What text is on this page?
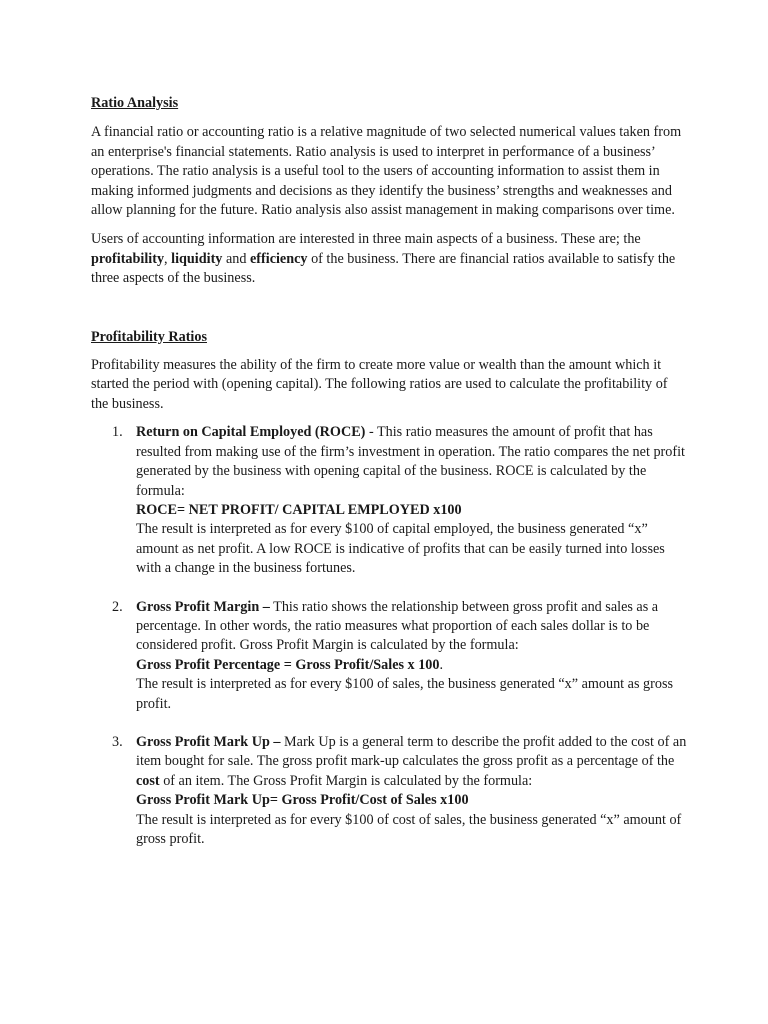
Ratio Analysis

A financial ratio or accounting ratio is a relative magnitude of two selected numerical values taken from an enterprise's financial statements. Ratio analysis is used to interpret in performance of a business’ operations. The ratio analysis is a useful tool to the users of accounting information to assist them in making informed judgments and decisions as they identify the business’ strengths and weaknesses and allow planning for the future. Ratio analysis also assist management in making comparisons over time.

Users of accounting information are interested in three main aspects of a business. These are; the profitability, liquidity and efficiency of the business. There are financial ratios available to satisfy the three aspects of the business.

Profitability Ratios

Profitability measures the ability of the firm to create more value or wealth than the amount which it started the period with (opening capital). The following ratios are used to calculate the profitability of the business.

1. Return on Capital Employed (ROCE) - This ratio measures the amount of profit that has resulted from making use of the firm’s investment in operation. The ratio compares the net profit generated by the business with opening capital of the business. ROCE is calculated by the formula:
ROCE= NET PROFIT/ CAPITAL EMPLOYED x100
The result is interpreted as for every $100 of capital employed, the business generated “x” amount as net profit. A low ROCE is indicative of profits that can be easily turned into losses with a change in the business fortunes.
2. Gross Profit Margin – This ratio shows the relationship between gross profit and sales as a percentage. In other words, the ratio measures what proportion of each sales dollar is to be considered profit. Gross Profit Margin is calculated by the formula:
Gross Profit Percentage = Gross Profit/Sales x 100.
The result is interpreted as for every $100 of sales, the business generated “x” amount as gross profit.
3. Gross Profit Mark Up – Mark Up is a general term to describe the profit added to the cost of an item bought for sale. The gross profit mark-up calculates the gross profit as a percentage of the cost of an item. The Gross Profit Margin is calculated by the formula:
Gross Profit Mark Up= Gross Profit/Cost of Sales x100
The result is interpreted as for every $100 of cost of sales, the business generated “x” amount of gross profit.
